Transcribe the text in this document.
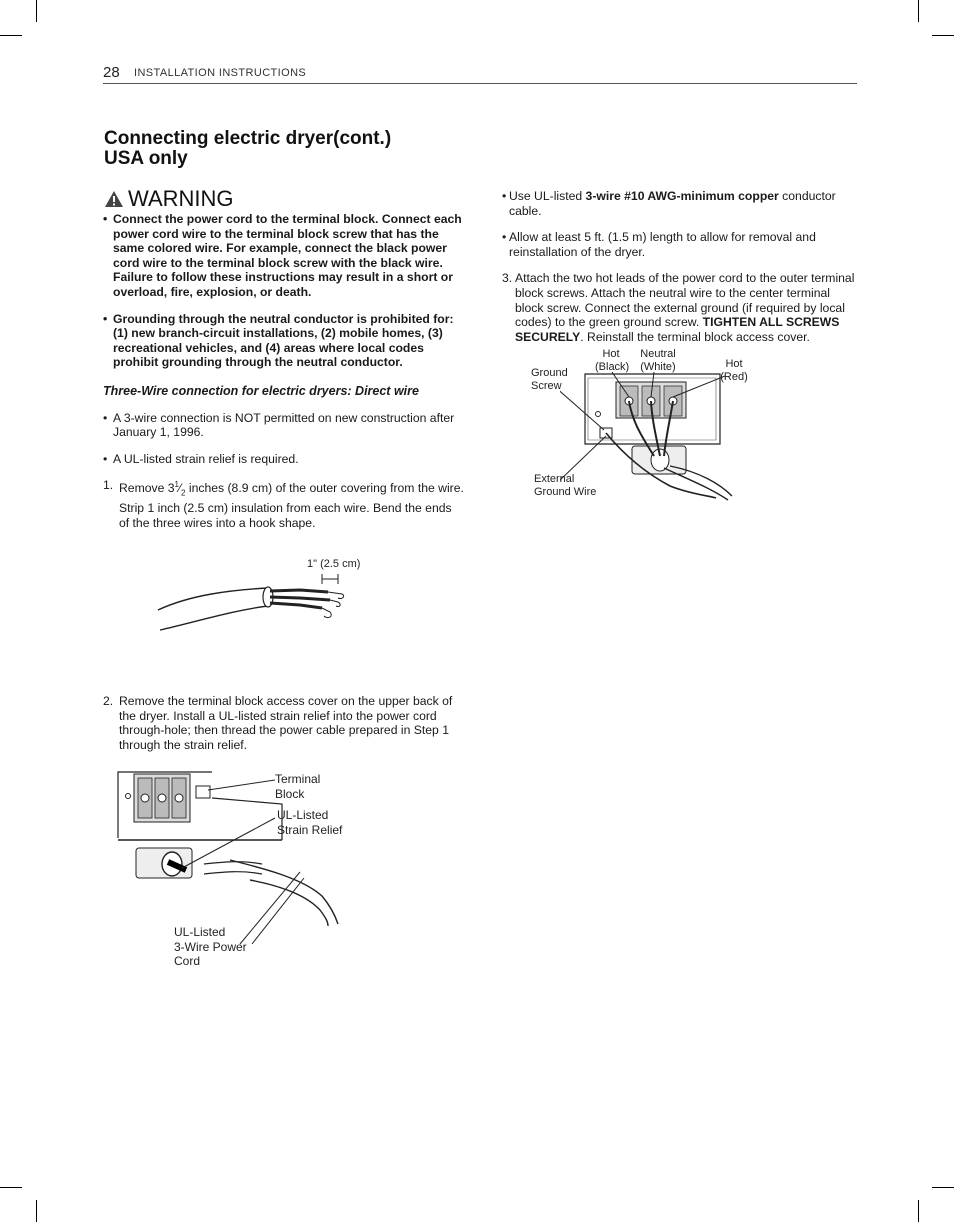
28 INSTALLATION INSTRUCTIONS
Connecting electric dryer(cont.)
USA only
WARNING

• Connect the power cord to the terminal block. Connect each power cord wire to the terminal block screw that has the same colored wire. For example, connect the black power cord wire to the terminal block screw with the black wire. Failure to follow these instructions may result in a short or overload, fire, explosion, or death.

• Grounding through the neutral conductor is prohibited for: (1) new branch-circuit installations, (2) mobile homes, (3) recreational vehicles, and (4) areas where local codes prohibit grounding through the neutral conductor.

Three-Wire connection for electric dryers: Direct wire

• A 3-wire connection is NOT permitted on new construction after January 1, 1996.

• A UL-listed strain relief is required.

1. Remove $3^1⁄_2$ inches (8.9 cm) of the outer covering from the wire. Strip 1 inch (2.5 cm) insulation from each wire. Bend the ends of the three wires into a hook shape.

1" (2.5 cm)

2. Remove the terminal block access cover on the upper back of the dryer. Install a UL-listed strain relief into the power cord through-hole; then thread the power cable prepared in Step 1 through the strain relief.

Terminal
Block
UL-Listed
Strain Relief
UL-Listed
3-Wire Power
Cord

• Use UL-listed 3-wire #10 AWG-minimum copper conductor cable.

• Allow at least 5 ft. (1.5 m) length to allow for removal and reinstallation of the dryer.

3. Attach the two hot leads of the power cord to the outer terminal block screws. Attach the neutral wire to the center terminal block screw. Connect the external ground (if required by local codes) to the green ground screw. TIGHTEN ALL SCREWS SECURELY. Reinstall the terminal block access cover.

Hot
(Black)
Neutral
(White)	Hot
(Red)
Ground
Screw
External
Ground Wire
